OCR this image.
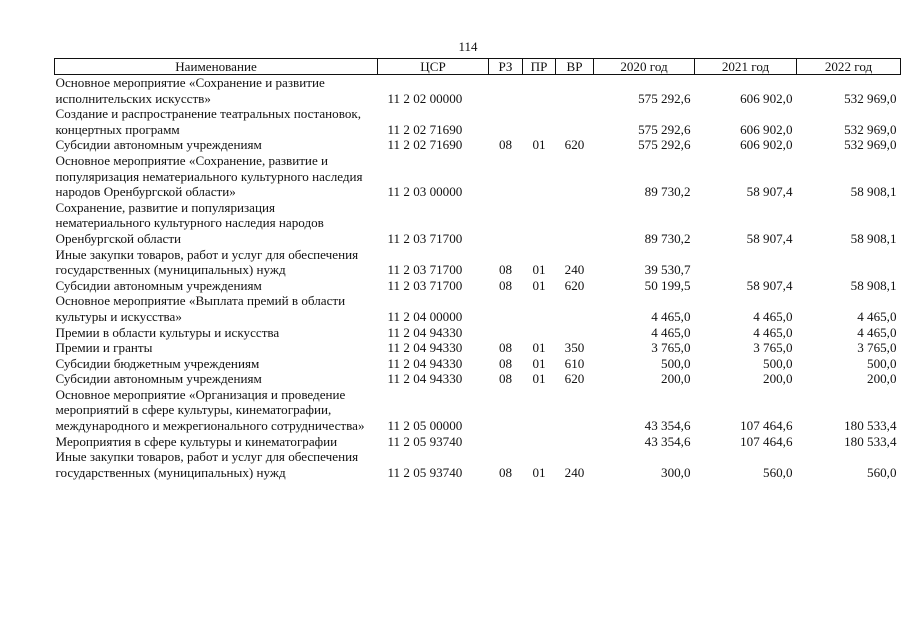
114
Наименование	ЦСР	РЗ	ПР	ВР	2020 год	2021 год	2022 год
Основное мероприятие «Сохранение и развитие исполнительских искусств»	11 2 02 00000				575 292,6	606 902,0	532 969,0
Создание и распространение театральных постановок, концертных программ	11 2 02 71690				575 292,6	606 902,0	532 969,0
Субсидии автономным учреждениям	11 2 02 71690	08	01	620	575 292,6	606 902,0	532 969,0
Основное мероприятие «Сохранение, развитие и популяризация нематериального культурного наследия народов Оренбургской области»	11 2 03 00000				89 730,2	58 907,4	58 908,1
Сохранение, развитие и популяризация нематериального культурного наследия народов Оренбургской области	11 2 03 71700				89 730,2	58 907,4	58 908,1
Иные закупки товаров, работ и услуг для обеспечения государственных (муниципальных) нужд	11 2 03 71700	08	01	240	39 530,7		
Субсидии автономным учреждениям	11 2 03 71700	08	01	620	50 199,5	58 907,4	58 908,1
Основное мероприятие «Выплата премий в области культуры и искусства»	11 2 04 00000				4 465,0	4 465,0	4 465,0
Премии в области культуры и искусства	11 2 04 94330				4 465,0	4 465,0	4 465,0
Премии и гранты	11 2 04 94330	08	01	350	3 765,0	3 765,0	3 765,0
Субсидии бюджетным учреждениям	11 2 04 94330	08	01	610	500,0	500,0	500,0
Субсидии автономным учреждениям	11 2 04 94330	08	01	620	200,0	200,0	200,0
Основное мероприятие «Организация и проведение мероприятий в сфере культуры, кинематографии, международного и межрегионального сотрудничества»	11 2 05 00000				43 354,6	107 464,6	180 533,4
Мероприятия в сфере культуры и кинематографии	11 2 05 93740				43 354,6	107 464,6	180 533,4
Иные закупки товаров, работ и услуг для обеспечения государственных (муниципальных) нужд	11 2 05 93740	08	01	240	300,0	560,0	560,0
